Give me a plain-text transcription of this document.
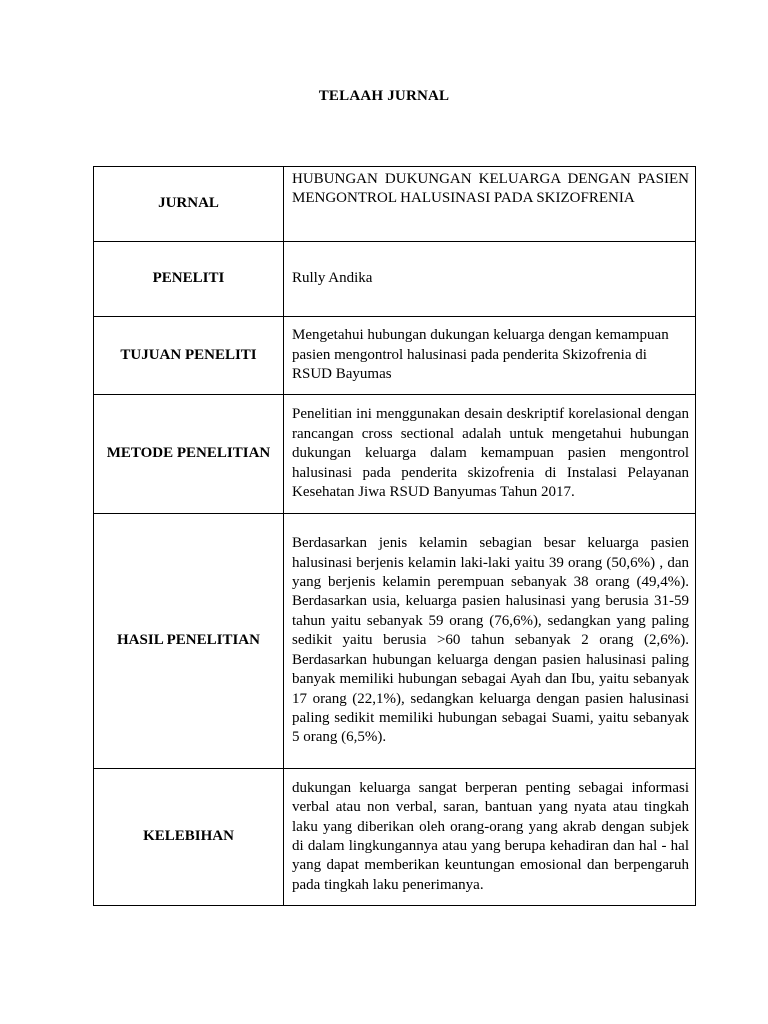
TELAAH JURNAL
JURNAL	HUBUNGAN DUKUNGAN KELUARGA DENGAN PASIEN MENGONTROL HALUSINASI PADA SKIZOFRENIA
PENELITI	Rully Andika
TUJUAN PENELITI	Mengetahui hubungan dukungan keluarga dengan kemampuan pasien mengontrol halusinasi pada penderita Skizofrenia di RSUD Bayumas
METODE PENELITIAN	Penelitian ini menggunakan desain deskriptif korelasional dengan rancangan cross sectional adalah untuk mengetahui hubungan dukungan keluarga dalam kemampuan pasien mengontrol halusinasi pada penderita skizofrenia di Instalasi Pelayanan Kesehatan Jiwa RSUD Banyumas Tahun 2017.
HASIL PENELITIAN	Berdasarkan jenis kelamin sebagian besar keluarga pasien halusinasi berjenis kelamin laki-laki yaitu 39 orang (50,6%) , dan yang berjenis kelamin perempuan sebanyak 38 orang (49,4%). Berdasarkan usia, keluarga pasien halusinasi yang berusia 31-59 tahun yaitu sebanyak 59 orang (76,6%), sedangkan yang paling sedikit yaitu berusia >60 tahun sebanyak 2 orang (2,6%). Berdasarkan hubungan keluarga dengan pasien halusinasi paling banyak memiliki hubungan sebagai Ayah dan Ibu, yaitu sebanyak 17 orang (22,1%), sedangkan keluarga dengan pasien halusinasi paling sedikit memiliki hubungan sebagai Suami, yaitu sebanyak 5 orang (6,5%).
KELEBIHAN	dukungan keluarga sangat berperan penting sebagai informasi verbal atau non verbal, saran, bantuan yang nyata atau tingkah laku yang diberikan oleh orang-orang yang akrab dengan subjek di dalam lingkungannya atau yang berupa kehadiran dan hal - hal yang dapat memberikan keuntungan emosional dan berpengaruh pada tingkah laku penerimanya.
